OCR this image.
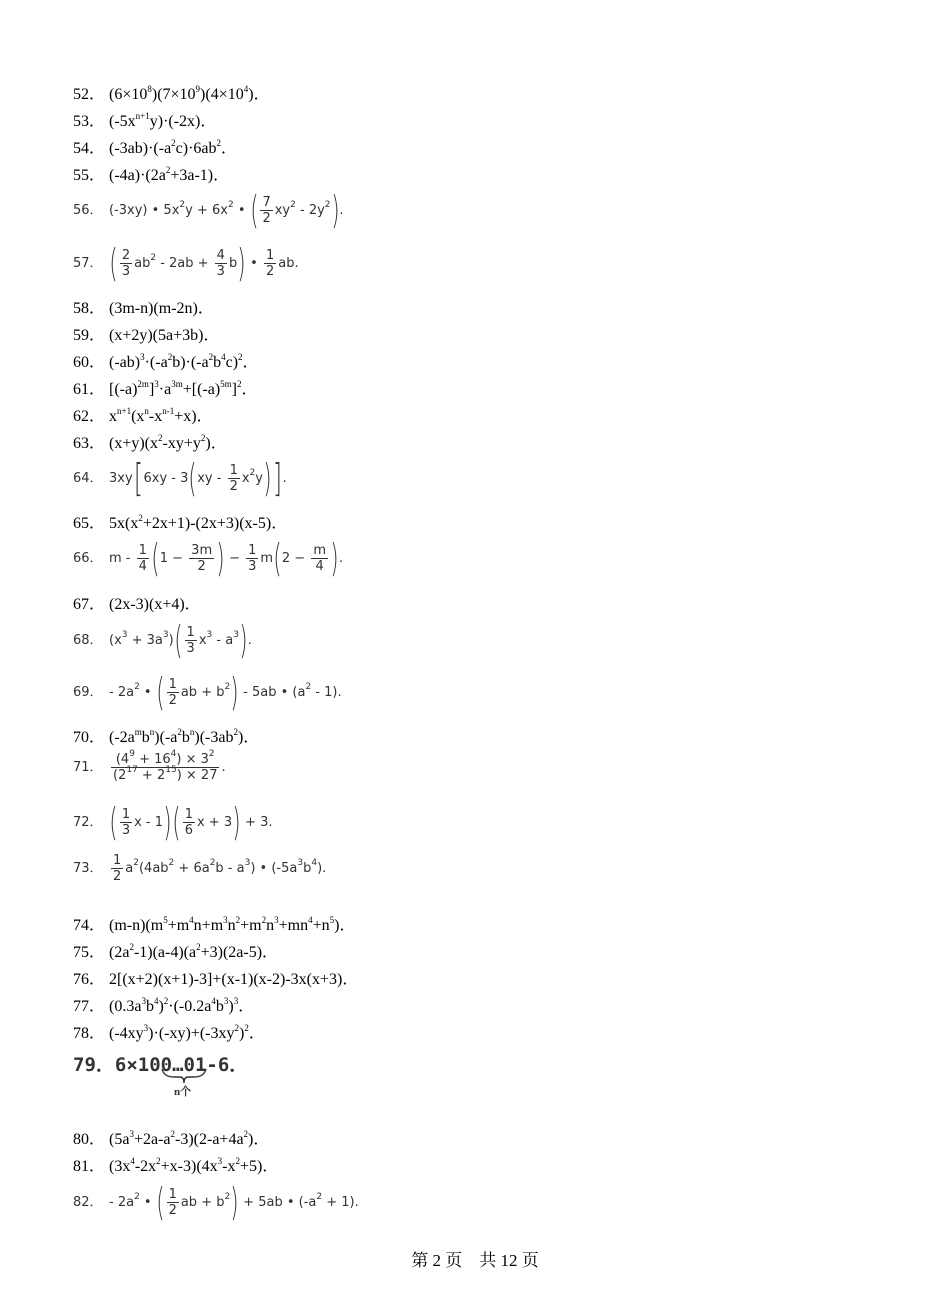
52． $(6\times 10^8)(7\times 10^9)(4\times 10^4)$．
53． $(-5x^{n+1}y)\cdot(-2x)$．
54． $(-3ab)\cdot(-a^2c)\cdot 6ab^2$．
55． $(-4a)\cdot(2a^2+3a-1)$．
56． (-3xy) • $5x^2y + 6x^2$ • ( $\frac{7}{2} xy^2 - 2y^2$).
57． ( $\frac{2}{3} ab^2 - 2ab + \frac{4}{3} b$) • $\frac{1}{2}$ ab.
58． (3m-n)(m-2n)．
59． (x+2y)(5a+3b)．
60． $(-ab)^3\cdot(-a^2b)\cdot(-a^2b^4c)^2$．
61． $[(-a)^{2m}]^3\cdot a^{3m}+[(-a)^{5m}]^2$．
62． $x^{n+1}(x^n-x^{n-1}+x)$．
63． $(x+y)(x^2-xy+y^2)$．
64． $3xy[6xy - 3(xy - \frac{1}{2} x^2y)]$.
65． $5x(x^2+2x+1)-(2x+3)(x-5)$．
66． $m - \frac{1}{4} (1 - \frac{3m}{2}$ ) − $\frac{1}{3} m(2 - \frac{m}{4}$ ).
67． (2x-3)(x+4)．
68． $(x^3 + 3a^3)( \frac{1}{3} x^3 - a^3)$.
69． - $2a^2$ • ( $\frac{1}{2}$ ab + $b^2) - 5ab$ • $(a^2 - 1)$.
70． $(-2a^mb^n)(-a^2b^n)(-3ab^2)$．
71． $\frac{(4^9 + 16^4) \times 3^2}{(2^{17} + 2^{15}) \times 27}$ .
72． ( $\frac{1}{3}$ x - $1)( \frac{1}{6}$ x + 3) + 3.
73． $\frac{1}{2} a^2(4ab^2 + 6a^2b - a^3)$ • $(-5a^3b^4)$.
74． $(m-n)(m^5+m^4n+m^3n^2+m^2n^3+mn^4+n^5)$．
75． $(2a^2-1)(a-4)(a^2+3)(2a-5)$．
76． 2[(x+2)(x+1)-3]+(x-1)(x-2)-3x(x+3)．
77． $(0.3a^3b^4)^2\cdot(-0.2a^4b^3)^3$．
78． $(-4xy^3)\cdot(-xy)+(-3xy^2)^2$．
79．6×100…01-6．
n个
80． $(5a^3+2a-a^2-3)(2-a+4a^2)$．
81． $(3x^4-2x^2+x-3)(4x^3-x^2+5)$．
82． - $2a^2$ • ( $\frac{1}{2}$ ab + $b^2) + 5ab$ • $(-a^2 + 1)$.
第 2 页　共 12 页
